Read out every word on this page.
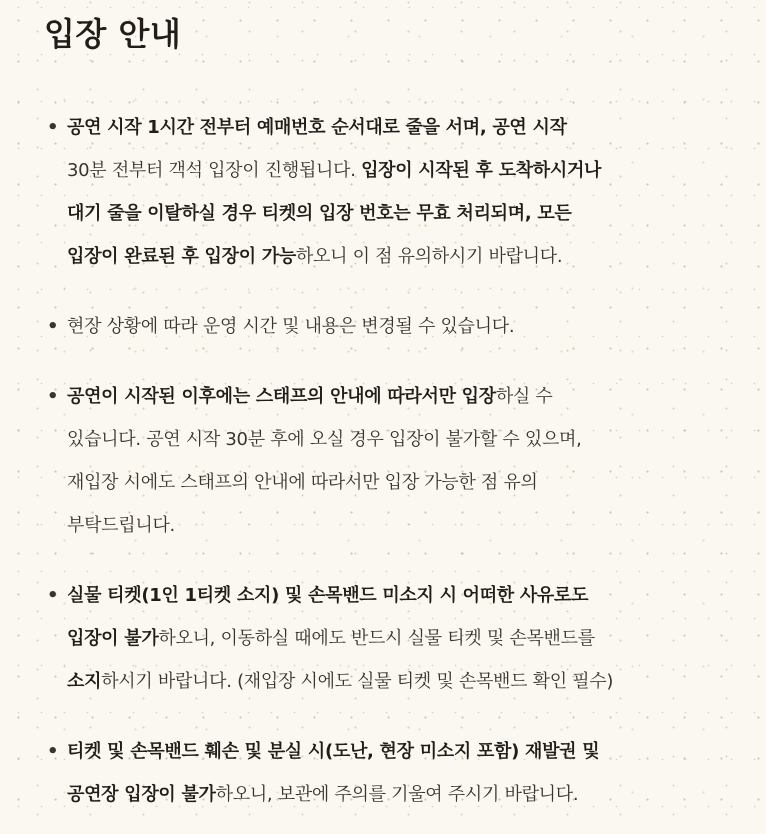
입장 안내
• 공연 시작 1시간 전부터 예매번호 순서대로 줄을 서며, 공연 시작
30분 전부터 객석 입장이 진행됩니다. 입장이 시작된 후 도착하시거나
대기 줄을 이탈하실 경우 티켓의 입장 번호는 무효 처리되며, 모든
입장이 완료된 후 입장이 가능하오니 이 점 유의하시기 바랍니다.
• 현장 상황에 따라 운영 시간 및 내용은 변경될 수 있습니다.
• 공연이 시작된 이후에는 스태프의 안내에 따라서만 입장하실 수
있습니다. 공연 시작 30분 후에 오실 경우 입장이 불가할 수 있으며,
재입장 시에도 스태프의 안내에 따라서만 입장 가능한 점 유의
부탁드립니다.
• 실물 티켓(1인 1티켓 소지) 및 손목밴드 미소지 시 어떠한 사유로도
입장이 불가하오니, 이동하실 때에도 반드시 실물 티켓 및 손목밴드를
소지하시기 바랍니다. (재입장 시에도 실물 티켓 및 손목밴드 확인 필수)
• 티켓 및 손목밴드 훼손 및 분실 시(도난, 현장 미소지 포함) 재발권 및
공연장 입장이 불가하오니, 보관에 주의를 기울여 주시기 바랍니다.
